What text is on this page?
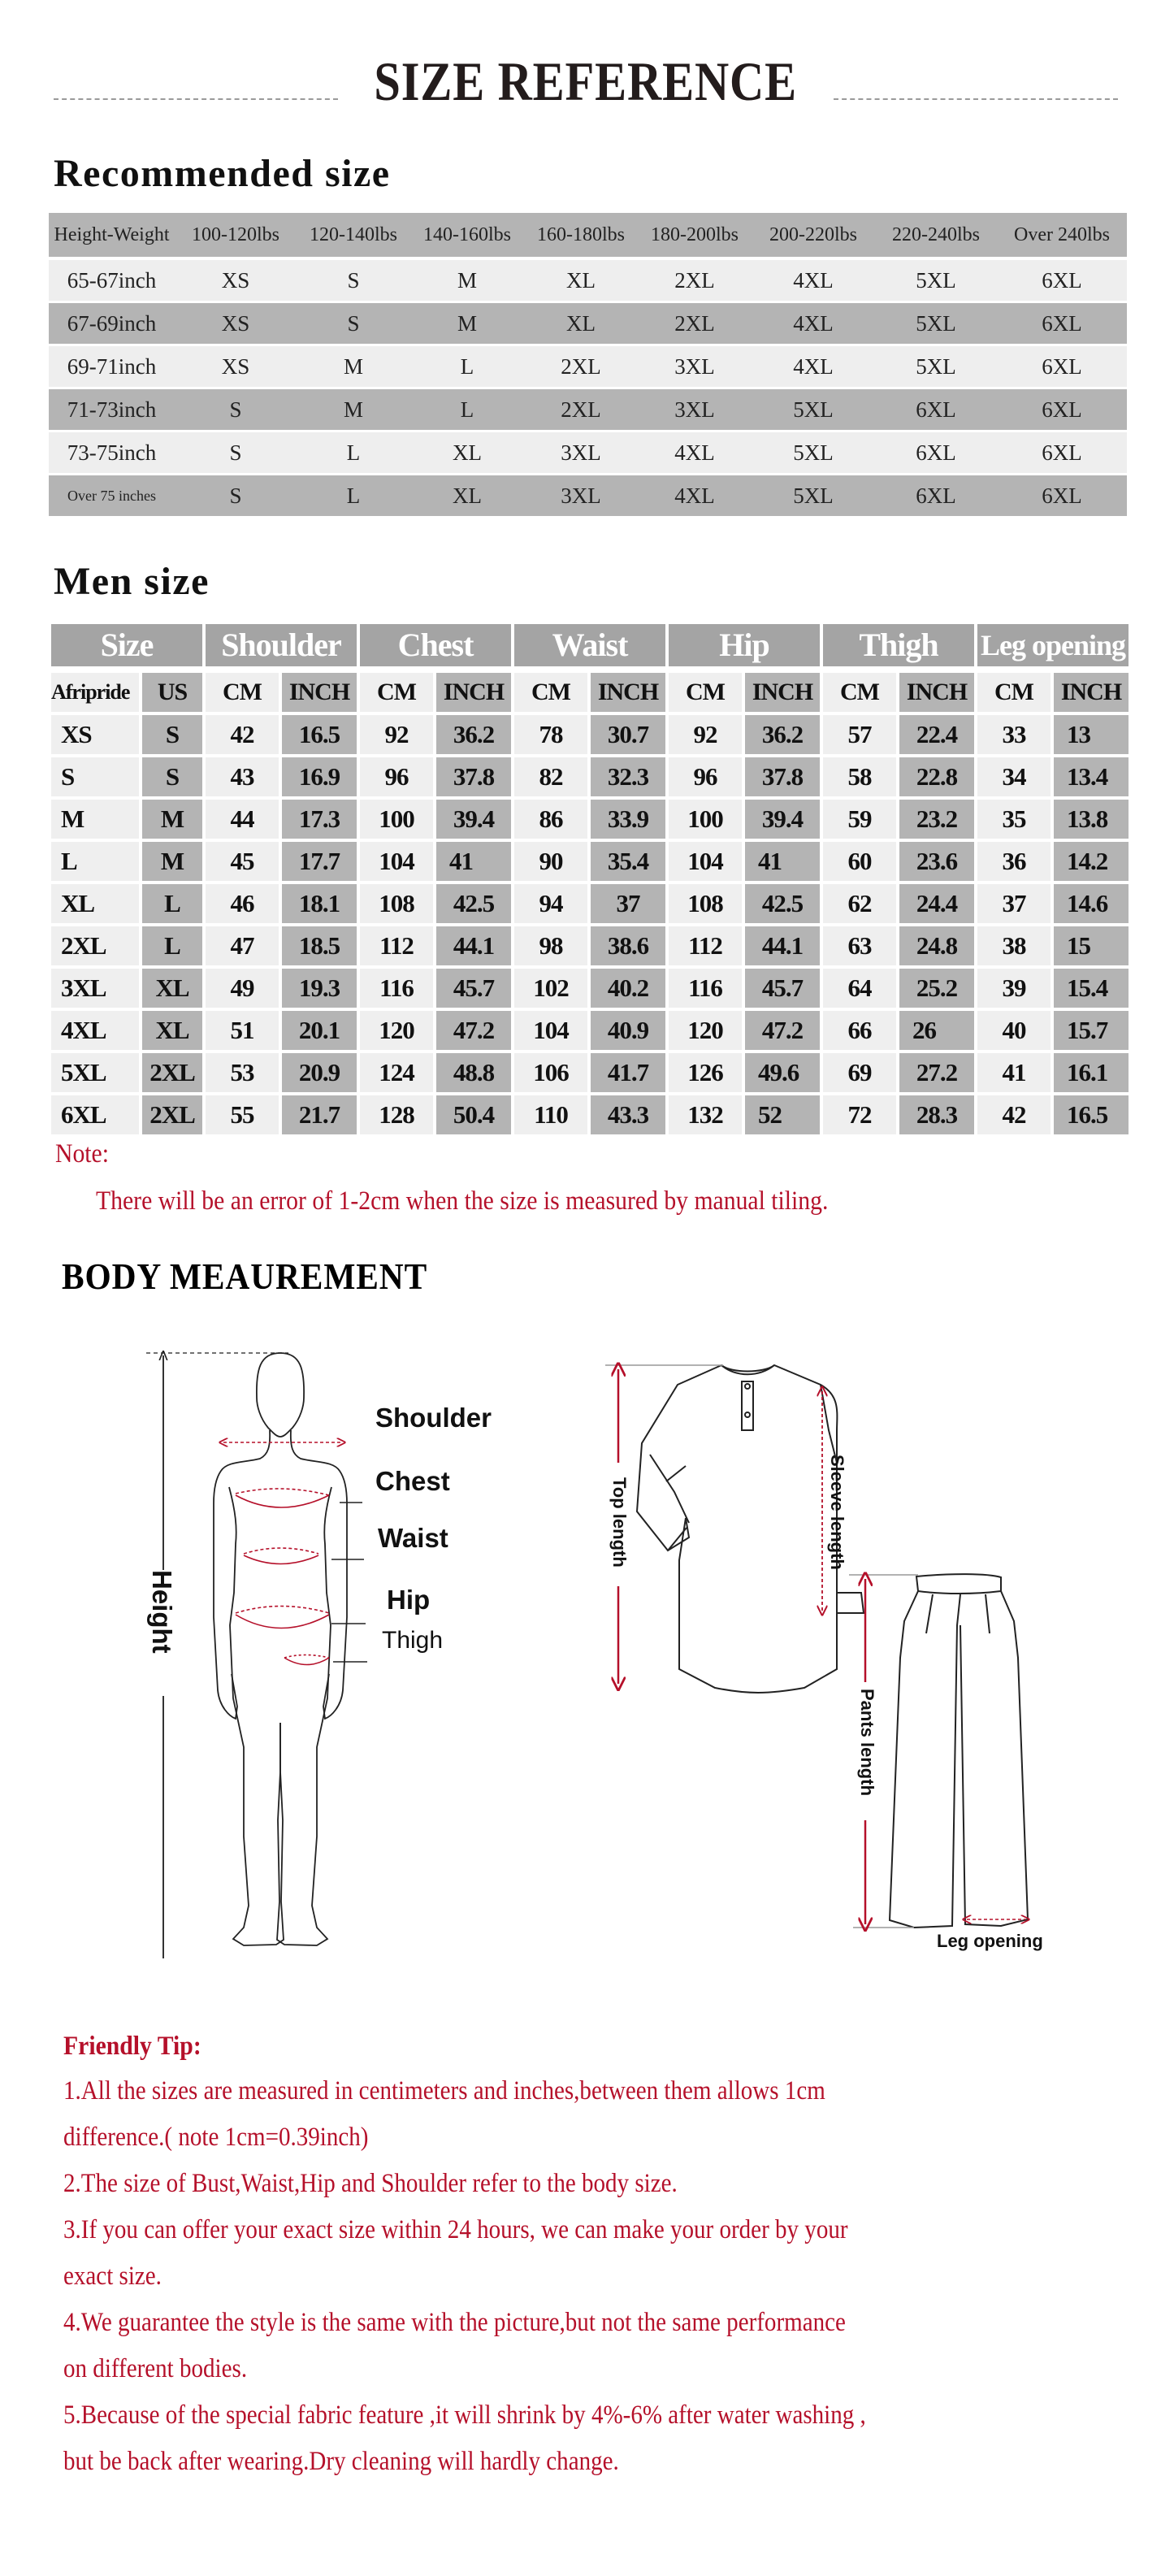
SIZE REFERENCE
Recommended size
Height-Weight	100-120lbs	120-140lbs	140-160lbs	160-180lbs	180-200lbs	200-220lbs	220-240lbs	Over 240lbs
65-67inch	XS	S	M	XL	2XL	4XL	5XL	6XL
67-69inch	XS	S	M	XL	2XL	4XL	5XL	6XL
69-71inch	XS	M	L	2XL	3XL	4XL	5XL	6XL
71-73inch	S	M	L	2XL	3XL	5XL	6XL	6XL
73-75inch	S	L	XL	3XL	4XL	5XL	6XL	6XL
Over 75 inches	S	L	XL	3XL	4XL	5XL	6XL	6XL
Men size
Size	Shoulder	Chest	Waist	Hip	Thigh	Leg opening
Afripride	US	CM	INCH	CM	INCH	CM	INCH	CM	INCH	CM	INCH	CM	INCH
XS	S	42	16.5	92	36.2	78	30.7	92	36.2	57	22.4	33	13
S	S	43	16.9	96	37.8	82	32.3	96	37.8	58	22.8	34	13.4
M	M	44	17.3	100	39.4	86	33.9	100	39.4	59	23.2	35	13.8
L	M	45	17.7	104	41	90	35.4	104	41	60	23.6	36	14.2
XL	L	46	18.1	108	42.5	94	37	108	42.5	62	24.4	37	14.6
2XL	L	47	18.5	112	44.1	98	38.6	112	44.1	63	24.8	38	15
3XL	XL	49	19.3	116	45.7	102	40.2	116	45.7	64	25.2	39	15.4
4XL	XL	51	20.1	120	47.2	104	40.9	120	47.2	66	26	40	15.7
5XL	2XL	53	20.9	124	48.8	106	41.7	126	49.6	69	27.2	41	16.1
6XL	2XL	55	21.7	128	50.4	110	43.3	132	52	72	28.3	42	16.5
Note:
There will be an error of 1-2cm when the size is measured by manual tiling.
BODY MEAUREMENT
Shoulder
Chest
Waist
Hip
Thigh
Height
Top length	Sleeve length
Pants length
Leg opening
Friendly Tip:
1.All the sizes are measured in centimeters and inches,between them allows 1cm
difference.( note 1cm=0.39inch)
2.The size of Bust,Waist,Hip and Shoulder refer to the body size.
3.If you can offer your exact size within 24 hours, we can make your order by your
exact size.
4.We guarantee the style is the same with the picture,but not the same performance
on different bodies.
5.Because of the special fabric feature ,it will shrink by 4%-6% after water washing ,
but be back after wearing.Dry cleaning will hardly change.
